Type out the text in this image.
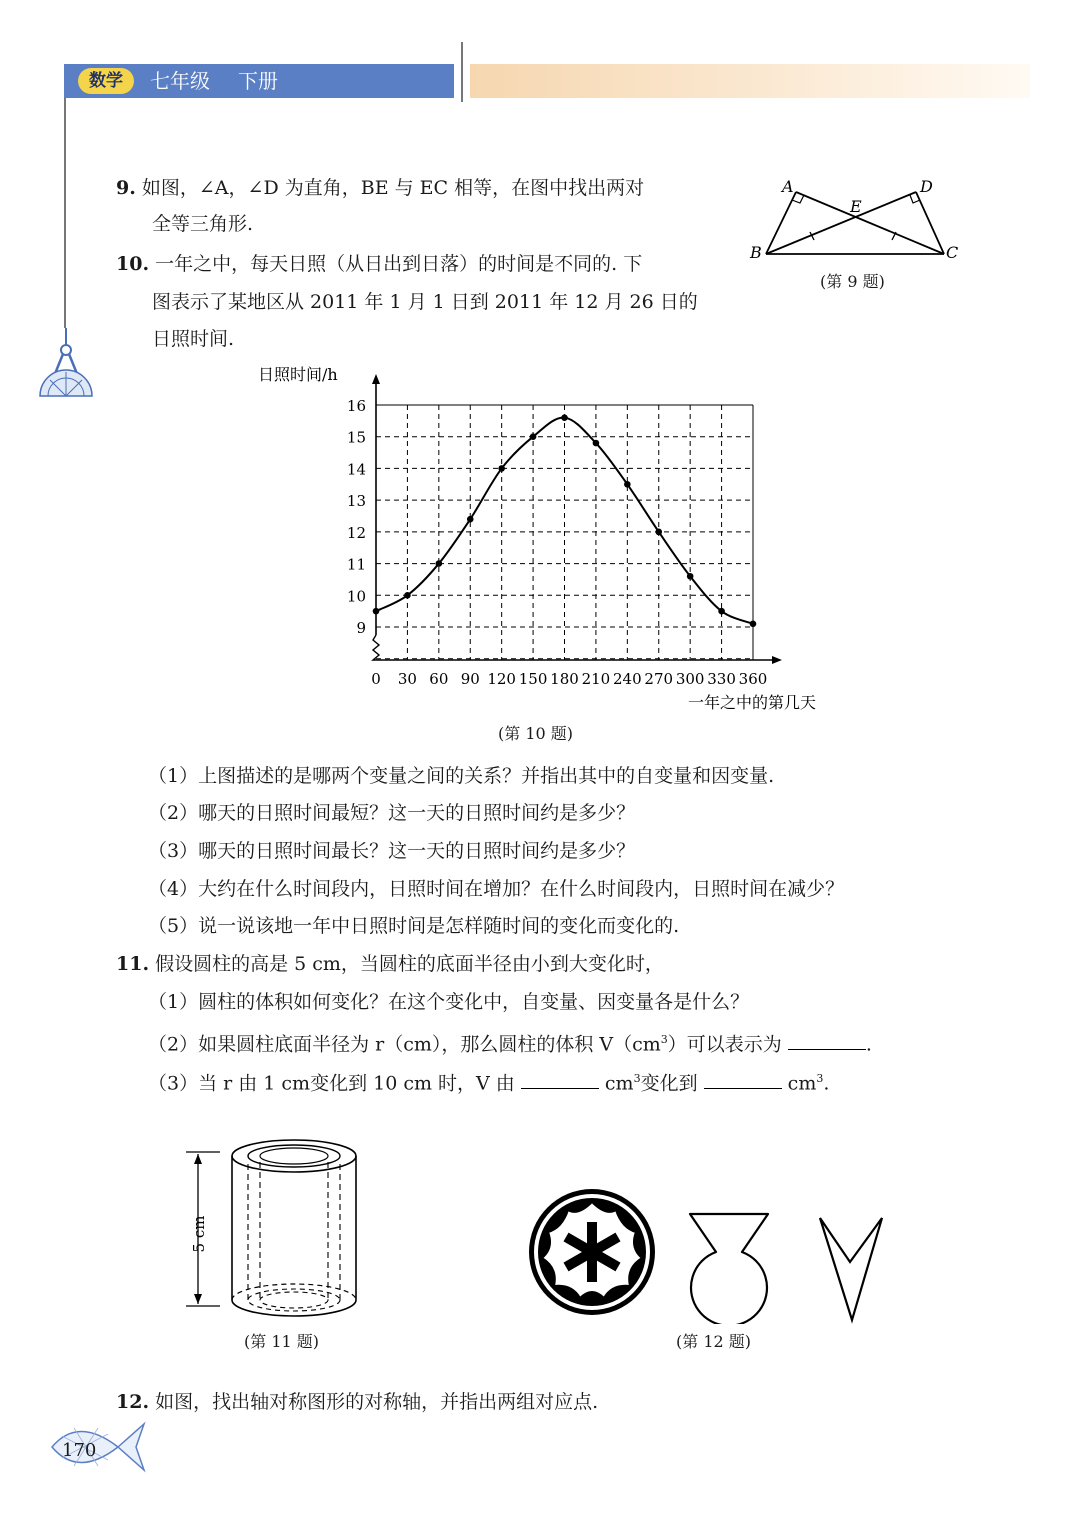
数学	七年级 下册
9. 如图，∠A，∠D 为直角，BE 与 EC 相等，在图中找出两对
全等三角形.
A	D
E
B	C
(第 9 题)
10. 一年之中，每天日照（从日出到日落）的时间是不同的. 下
图表示了某地区从 2011 年 1 月 1 日到 2011 年 12 月 26 日的
日照时间.
0 30 60 90 120 150 180 210 240 270 300 330 360
9
10
11
12
13
14
15
16
日照时间/h
一年之中的第几天
(第 10 题)
（1）上图描述的是哪两个变量之间的关系？并指出其中的自变量和因变量.
（2）哪天的日照时间最短？这一天的日照时间约是多少？
（3）哪天的日照时间最长？这一天的日照时间约是多少？
（4）大约在什么时间段内，日照时间在增加？在什么时间段内，日照时间在减少？
（5）说一说该地一年中日照时间是怎样随时间的变化而变化的.
11. 假设圆柱的高是 5 cm，当圆柱的底面半径由小到大变化时，
（1）圆柱的体积如何变化？在这个变化中，自变量、因变量各是什么？
（2）如果圆柱底面半径为 r（cm），那么圆柱的体积 $V(cm^3)$可以表示为	.
（3）当 r 由 1 cm变化到 10 cm 时，V 由	$cm^3$变化到	$cm^3$.
5 cm
(第 11 题)	(第 12 题)
12. 如图，找出轴对称图形的对称轴，并指出两组对应点.
170
